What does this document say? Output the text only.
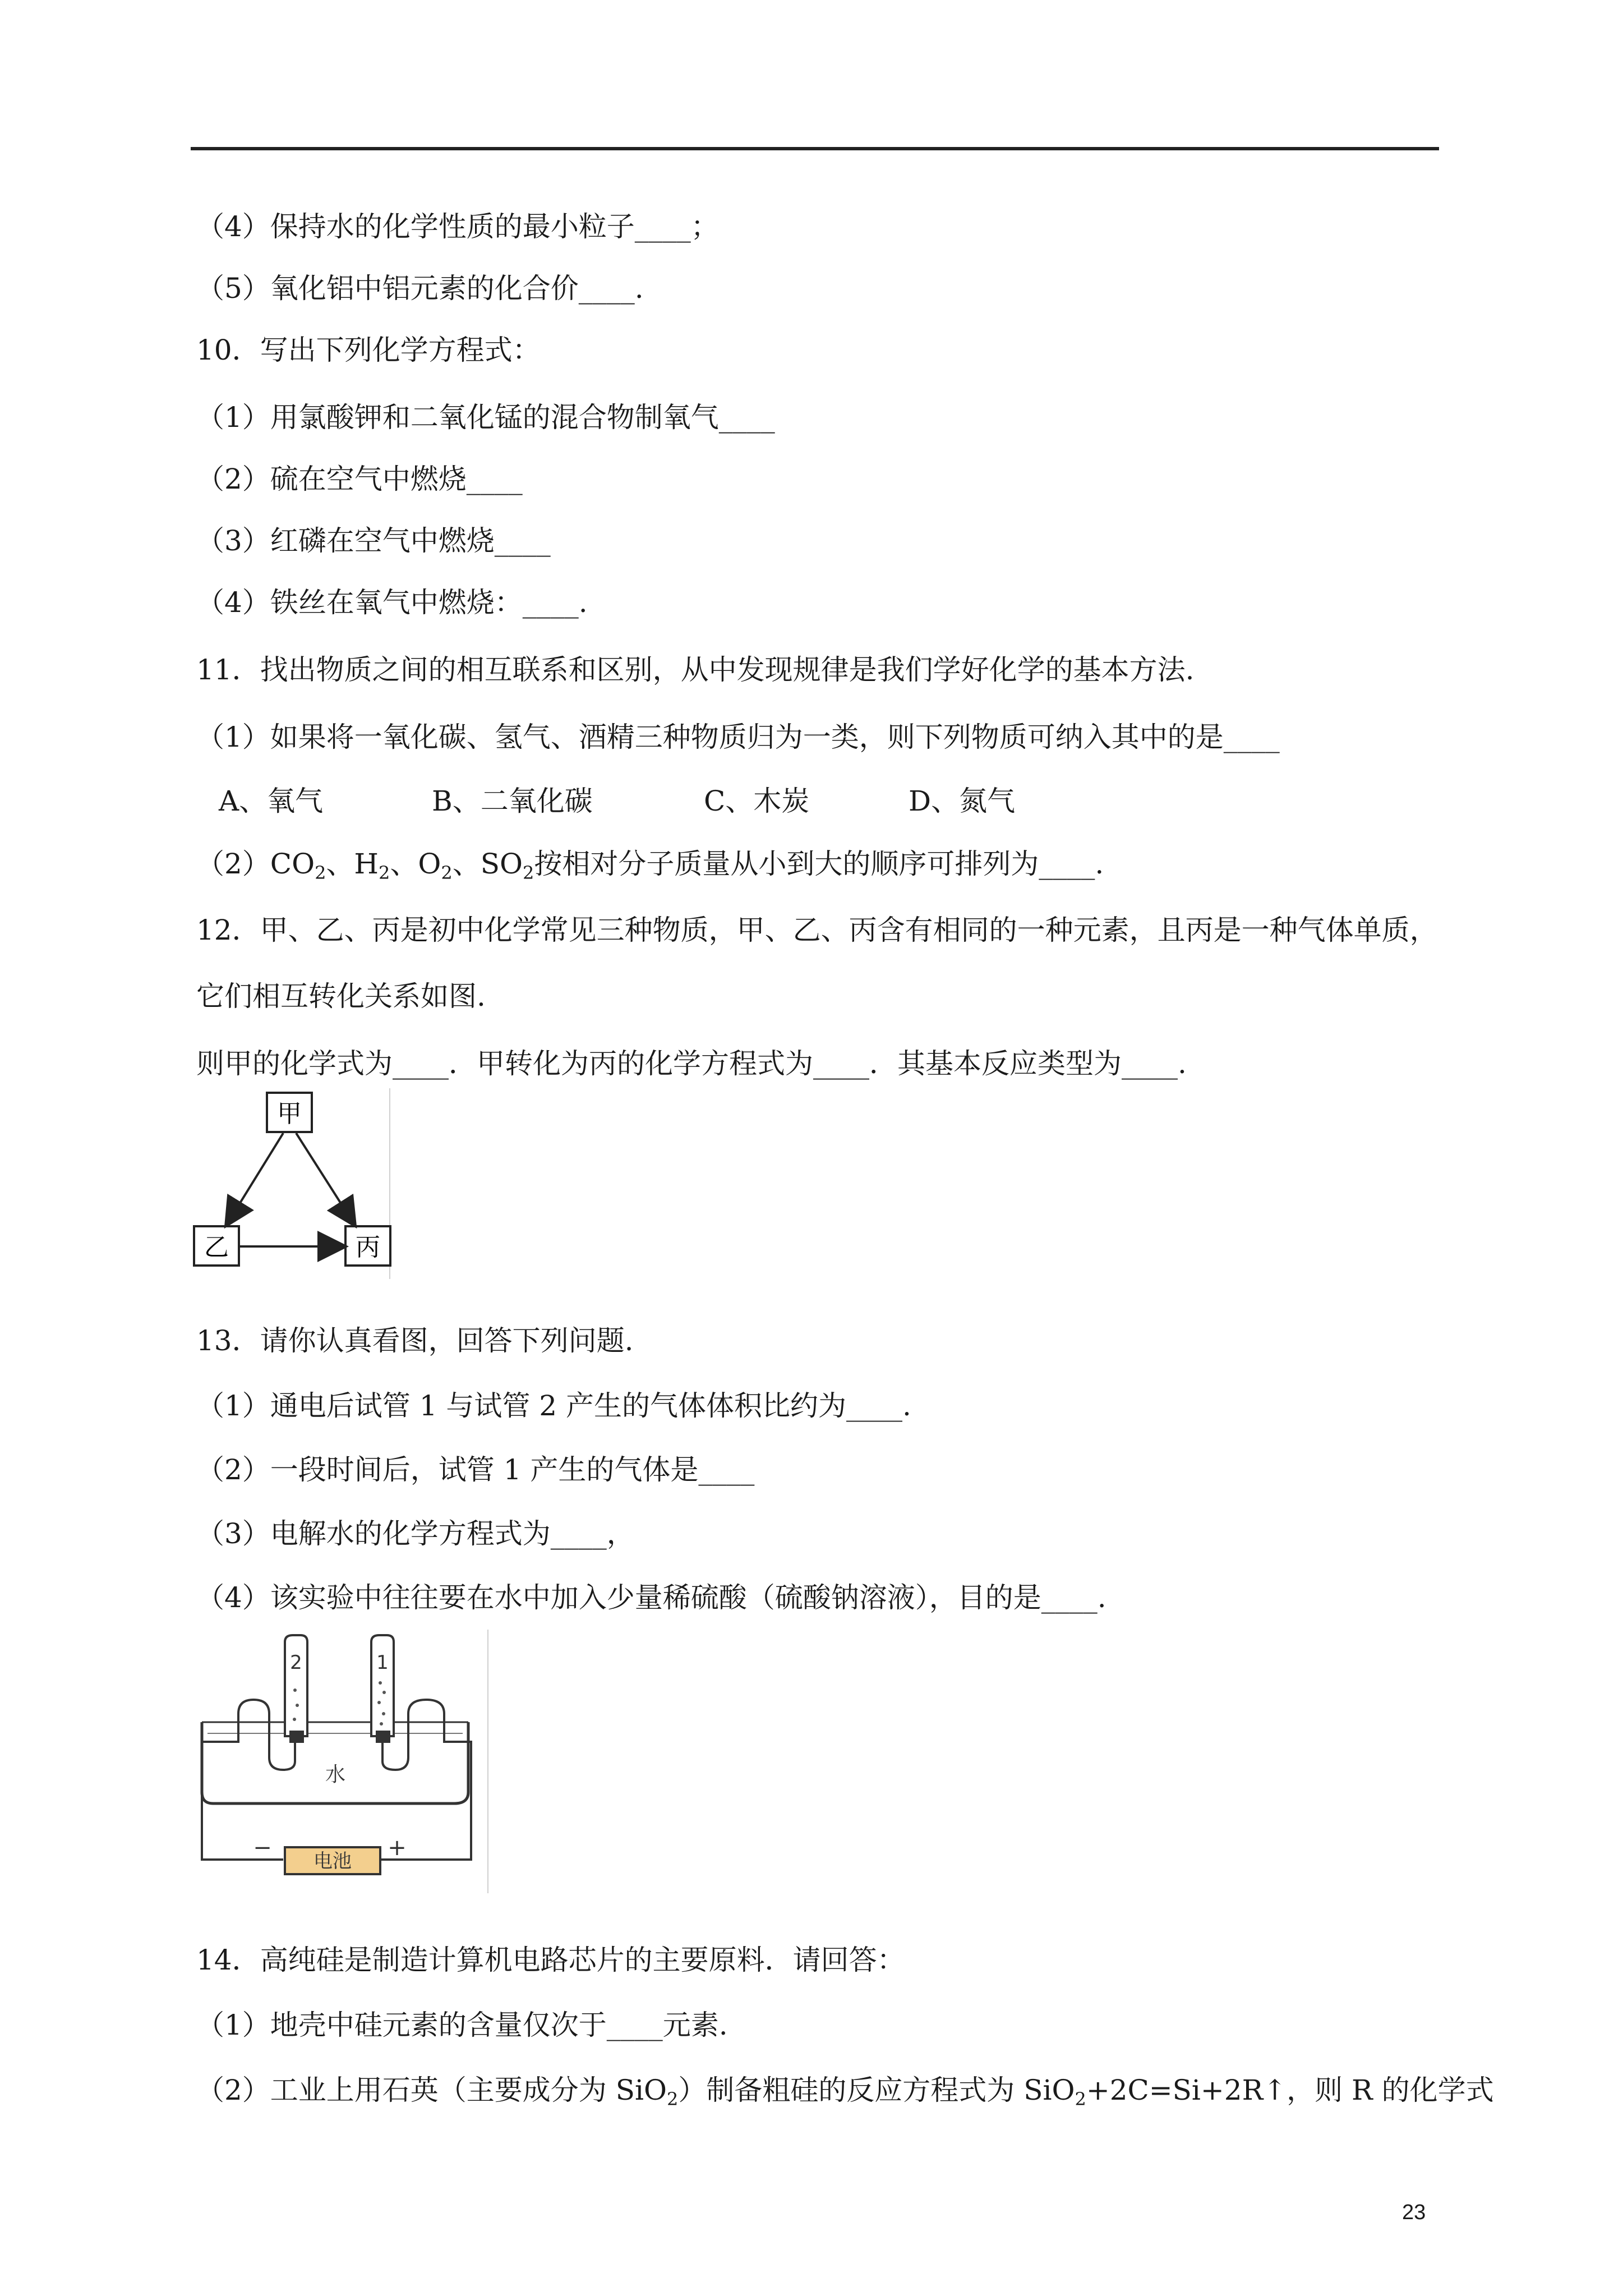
（4）保持水的化学性质的最小粒子____；
（5）氧化铝中铝元素的化合价____.
10．写出下列化学方程式：
（1）用氯酸钾和二氧化锰的混合物制氧气____
（2）硫在空气中燃烧____
（3）红磷在空气中燃烧____
（4）铁丝在氧气中燃烧：____.
11．找出物质之间的相互联系和区别，从中发现规律是我们学好化学的基本方法.
（1）如果将一氧化碳、氢气、酒精三种物质归为一类，则下列物质可纳入其中的是____
A、氧气	B、二氧化碳	C、木炭	D、氮气
$(2)CO_2$、$H_2$、$O_2$、$SO_2$按相对分子质量从小到大的顺序可排列为____.
12．甲、乙、丙是初中化学常见三种物质，甲、乙、丙含有相同的一种元素，且丙是一种气体单质，
它们相互转化关系如图.
则甲的化学式为____．甲转化为丙的化学方程式为____．其基本反应类型为____.
甲
乙	丙
13．请你认真看图，回答下列问题.
（1）通电后试管 1 与试管 2 产生的气体体积比约为____.
（2）一段时间后，试管 1 产生的气体是____
（3）电解水的化学方程式为____，
（4）该实验中往往要在水中加入少量稀硫酸（硫酸钠溶液），目的是____.
水
2	1
电池
−	+
14．高纯硅是制造计算机电路芯片的主要原料．请回答：
（1）地壳中硅元素的含量仅次于____元素.
（2）工业上用石英（主要成分为 SiO$_2$）制备粗硅的反应方程式为 SiO$_2$+2C=Si+2R↑，则 R 的化学式
23
